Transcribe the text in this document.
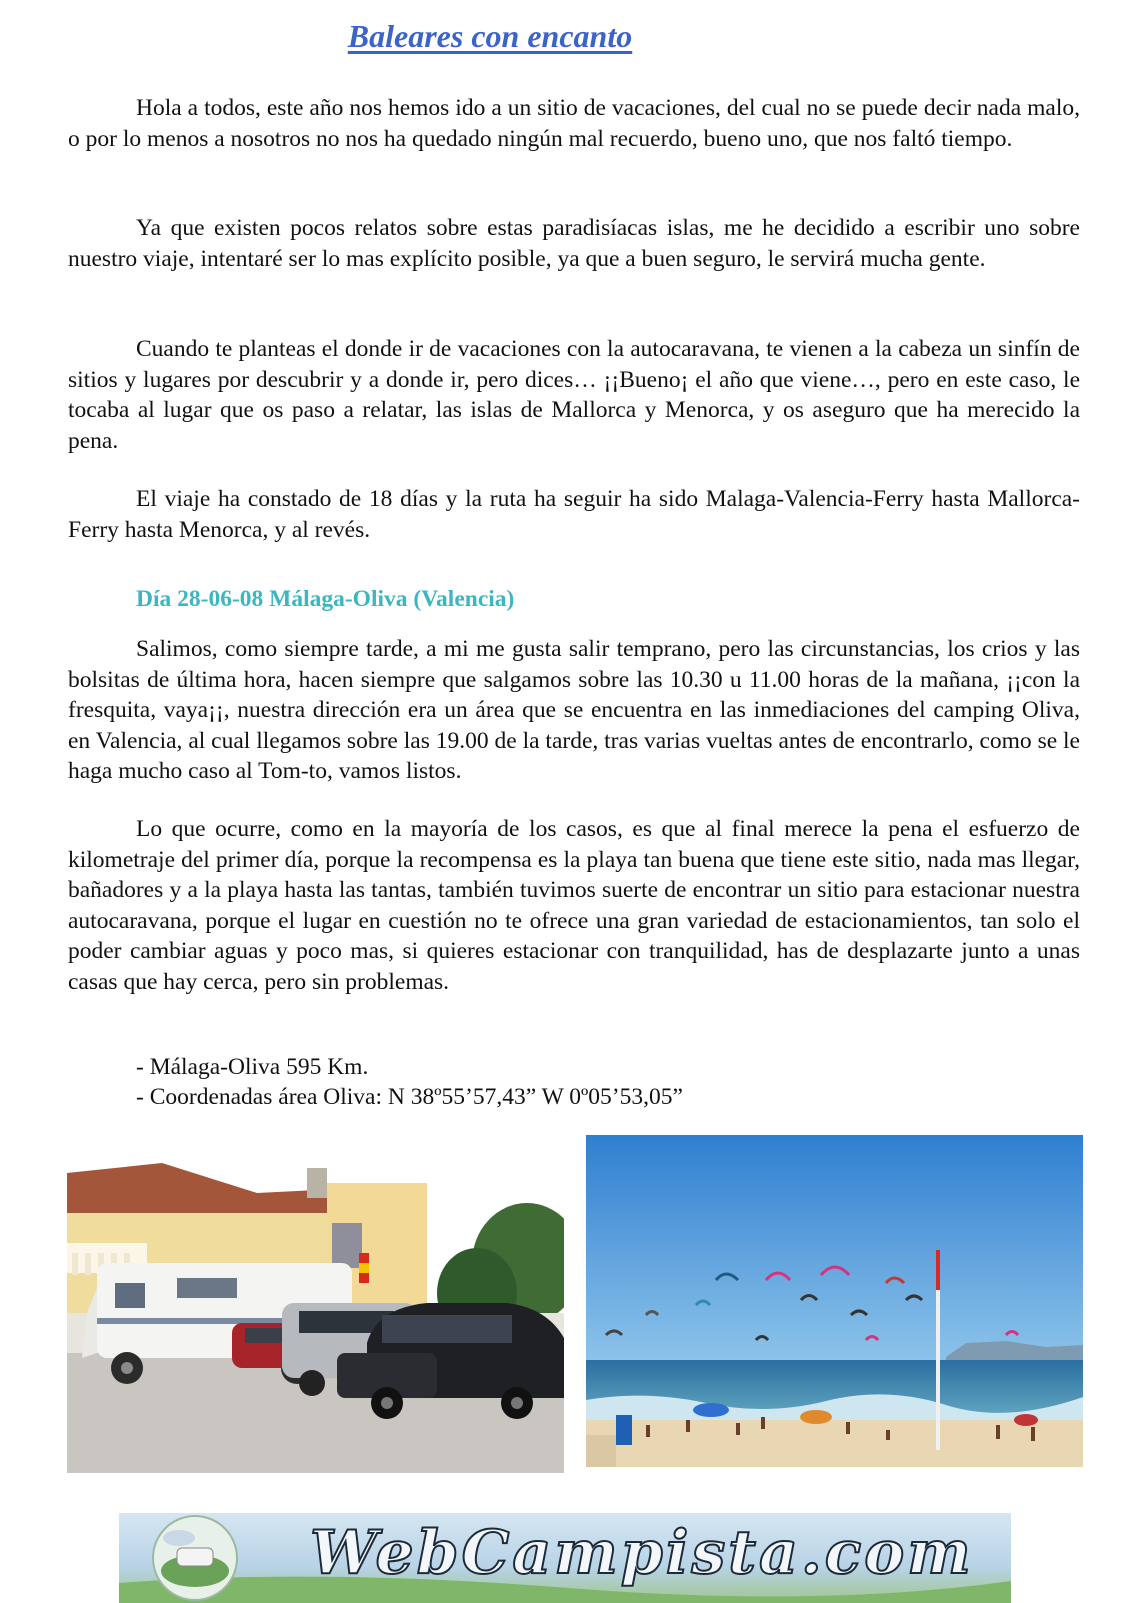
Baleares con encanto

Hola a todos, este año nos hemos ido a un sitio de vacaciones, del cual no se puede decir nada malo, o por lo menos a nosotros no nos ha quedado ningún mal recuerdo, bueno uno, que nos faltó tiempo.

Ya que existen pocos relatos sobre estas paradisíacas islas, me he decidido a escribir uno sobre nuestro viaje, intentaré ser lo mas explícito posible, ya que a buen seguro, le servirá mucha gente.

Cuando te planteas el donde ir de vacaciones con la autocaravana, te vienen a la cabeza un sinfín de sitios y lugares por descubrir y a donde ir, pero dices… ¡¡Bueno¡ el año que viene…, pero en este caso, le tocaba al lugar que os paso a relatar, las islas de Mallorca y Menorca, y os aseguro que ha merecido la pena.

El viaje ha constado de 18 días y la ruta ha seguir ha sido Malaga-Valencia-Ferry hasta Mallorca-Ferry hasta Menorca, y al revés.

Día 28-06-08 Málaga-Oliva (Valencia)

Salimos, como siempre tarde, a mi me gusta salir temprano, pero las circunstancias, los crios y las bolsitas de última hora, hacen siempre que salgamos sobre las 10.30 u 11.00 horas de la mañana, ¡¡con la fresquita, vaya¡¡, nuestra dirección era un área que se encuentra en las inmediaciones del camping Oliva, en Valencia, al cual llegamos sobre las 19.00 de la tarde, tras varias vueltas antes de encontrarlo, como se le haga mucho caso al Tom-to, vamos listos.

Lo que ocurre, como en la mayoría de los casos, es que al final merece la pena el esfuerzo de kilometraje del primer día, porque la recompensa es la playa tan buena que tiene este sitio, nada mas llegar, bañadores y a la playa hasta las tantas, también tuvimos suerte de encontrar un sitio para estacionar nuestra autocaravana, porque el lugar en cuestión no te ofrece una gran variedad de estacionamientos, tan solo el poder cambiar aguas y poco mas, si quieres estacionar con tranquilidad, has de desplazarte junto a unas casas que hay cerca, pero sin problemas.

- Málaga-Oliva 595 Km.
- Coordenadas área Oliva: N 38º55’57,43” W 0º05’53,05”
WebCampista.com
